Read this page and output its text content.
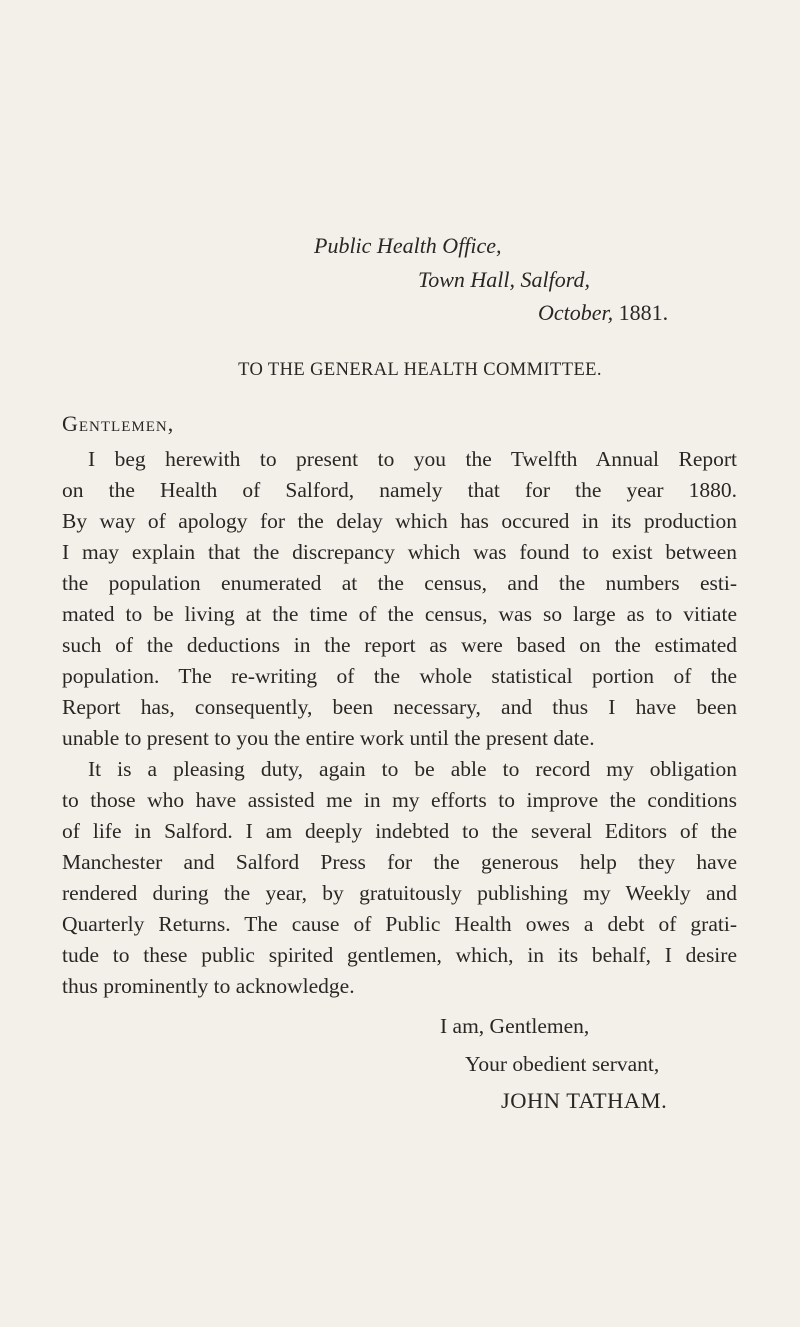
Public Health Office,
Town Hall, Salford,
October, 1881.
TO THE GENERAL HEALTH COMMITTEE.
Gentlemen,
I beg herewith to present to you the Twelfth Annual Report
on the Health of Salford, namely that for the year 1880.
By way of apology for the delay which has occured in its production
I may explain that the discrepancy which was found to exist between
the population enumerated at the census, and the numbers esti-
mated to be living at the time of the census, was so large as to vitiate
such of the deductions in the report as were based on the estimated
population. The re-writing of the whole statistical portion of the
Report has, consequently, been necessary, and thus I have been
unable to present to you the entire work until the present date.
It is a pleasing duty, again to be able to record my obligation
to those who have assisted me in my efforts to improve the conditions
of life in Salford. I am deeply indebted to the several Editors of the
Manchester and Salford Press for the generous help they have
rendered during the year, by gratuitously publishing my Weekly and
Quarterly Returns. The cause of Public Health owes a debt of grati-
tude to these public spirited gentlemen, which, in its behalf, I desire
thus prominently to acknowledge.
I am, Gentlemen,
Your obedient servant,
JOHN TATHAM.
